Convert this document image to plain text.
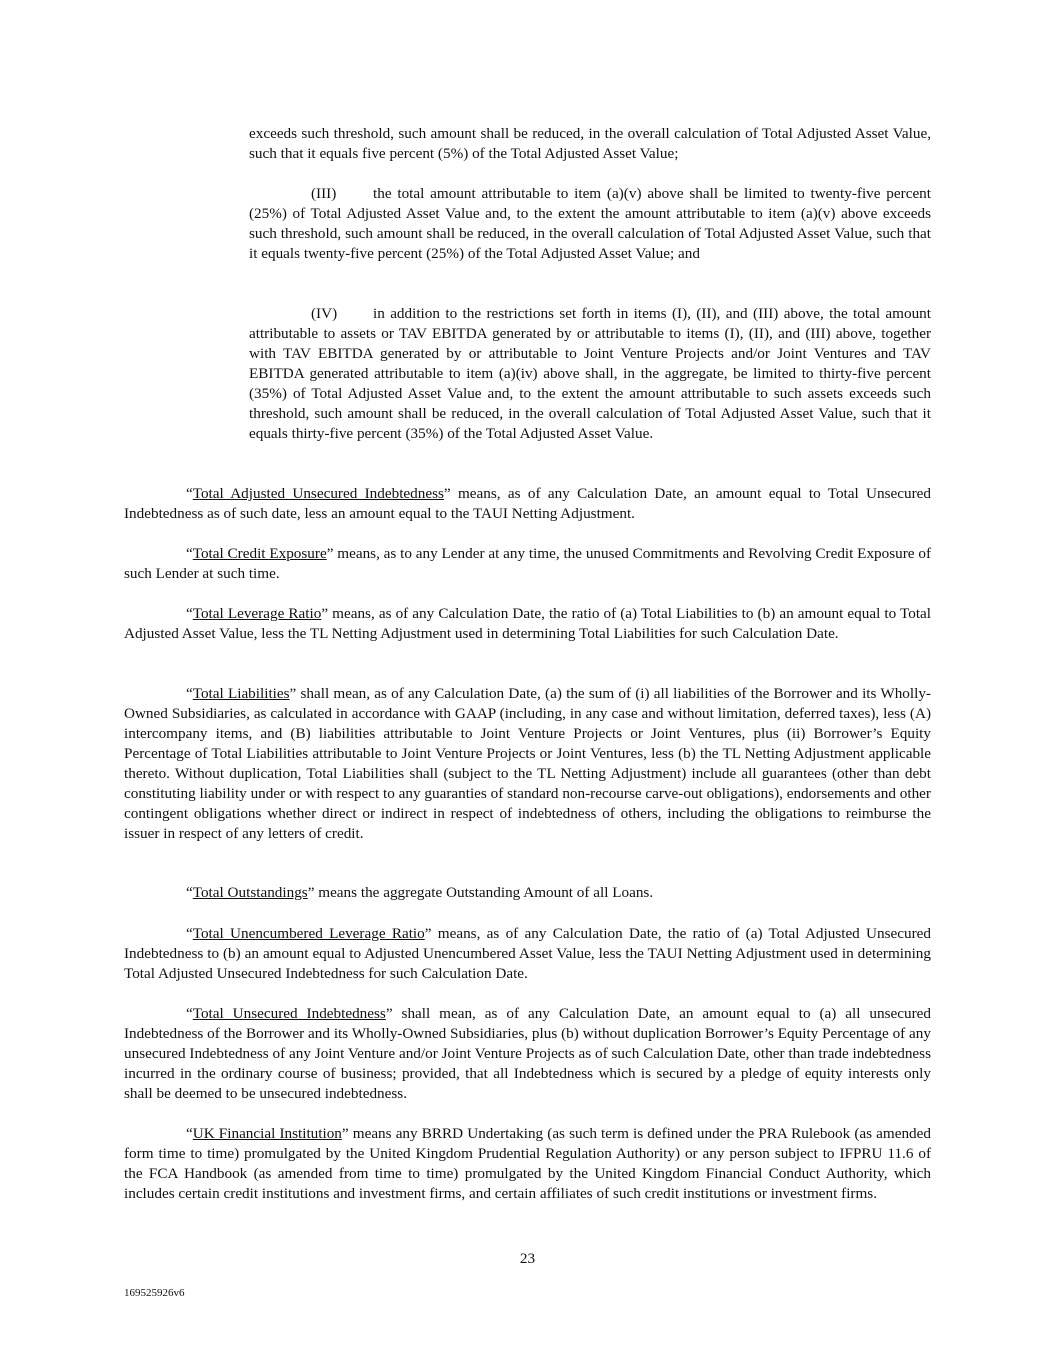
exceeds such threshold, such amount shall be reduced, in the overall calculation of Total Adjusted Asset Value, such that it equals five percent (5%) of the Total Adjusted Asset Value;

(III) the total amount attributable to item (a)(v) above shall be limited to twenty-five percent (25%) of Total Adjusted Asset Value and, to the extent the amount attributable to item (a)(v) above exceeds such threshold, such amount shall be reduced, in the overall calculation of Total Adjusted Asset Value, such that it equals twenty-five percent (25%) of the Total Adjusted Asset Value; and

(IV) in addition to the restrictions set forth in items (I), (II), and (III) above, the total amount attributable to assets or TAV EBITDA generated by or attributable to items (I), (II), and (III) above, together with TAV EBITDA generated by or attributable to Joint Venture Projects and/or Joint Ventures and TAV EBITDA generated attributable to item (a)(iv) above shall, in the aggregate, be limited to thirty-five percent (35%) of Total Adjusted Asset Value and, to the extent the amount attributable to such assets exceeds such threshold, such amount shall be reduced, in the overall calculation of Total Adjusted Asset Value, such that it equals thirty-five percent (35%) of the Total Adjusted Asset Value.

“Total Adjusted Unsecured Indebtedness” means, as of any Calculation Date, an amount equal to Total Unsecured Indebtedness as of such date, less an amount equal to the TAUI Netting Adjustment.

“Total Credit Exposure” means, as to any Lender at any time, the unused Commitments and Revolving Credit Exposure of such Lender at such time.

“Total Leverage Ratio” means, as of any Calculation Date, the ratio of (a) Total Liabilities to (b) an amount equal to Total Adjusted Asset Value, less the TL Netting Adjustment used in determining Total Liabilities for such Calculation Date.

“Total Liabilities” shall mean, as of any Calculation Date, (a) the sum of (i) all liabilities of the Borrower and its Wholly-Owned Subsidiaries, as calculated in accordance with GAAP (including, in any case and without limitation, deferred taxes), less (A) intercompany items, and (B) liabilities attributable to Joint Venture Projects or Joint Ventures, plus (ii) Borrower’s Equity Percentage of Total Liabilities attributable to Joint Venture Projects or Joint Ventures, less (b) the TL Netting Adjustment applicable thereto. Without duplication, Total Liabilities shall (subject to the TL Netting Adjustment) include all guarantees (other than debt constituting liability under or with respect to any guaranties of standard non-recourse carve-out obligations), endorsements and other contingent obligations whether direct or indirect in respect of indebtedness of others, including the obligations to reimburse the issuer in respect of any letters of credit.

“Total Outstandings” means the aggregate Outstanding Amount of all Loans.

“Total Unencumbered Leverage Ratio” means, as of any Calculation Date, the ratio of (a) Total Adjusted Unsecured Indebtedness to (b) an amount equal to Adjusted Unencumbered Asset Value, less the TAUI Netting Adjustment used in determining Total Adjusted Unsecured Indebtedness for such Calculation Date.

“Total Unsecured Indebtedness” shall mean, as of any Calculation Date, an amount equal to (a) all unsecured Indebtedness of the Borrower and its Wholly-Owned Subsidiaries, plus (b) without duplication Borrower’s Equity Percentage of any unsecured Indebtedness of any Joint Venture and/or Joint Venture Projects as of such Calculation Date, other than trade indebtedness incurred in the ordinary course of business; provided, that all Indebtedness which is secured by a pledge of equity interests only shall be deemed to be unsecured indebtedness.

“UK Financial Institution” means any BRRD Undertaking (as such term is defined under the PRA Rulebook (as amended form time to time) promulgated by the United Kingdom Prudential Regulation Authority) or any person subject to IFPRU 11.6 of the FCA Handbook (as amended from time to time) promulgated by the United Kingdom Financial Conduct Authority, which includes certain credit institutions and investment firms, and certain affiliates of such credit institutions or investment firms.

23
169525926v6
